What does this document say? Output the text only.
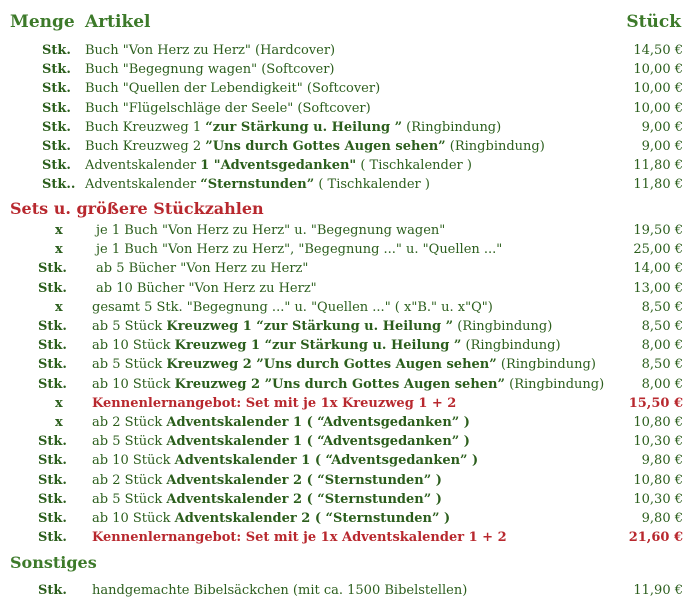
Menge Artikel	Stück
Stk. Buch "Von Herz zu Herz" (Hardcover)	14,50 €
Stk. Buch "Begegnung wagen" (Softcover)	10,00 €
Stk. Buch "Quellen der Lebendigkeit" (Softcover)	10,00 €
Stk. Buch "Flügelschläge der Seele" (Softcover)	10,00 €
Stk. Buch Kreuzweg 1 “zur Stärkung u. Heilung ” (Ringbindung)	9,00 €
Stk. Buch Kreuzweg 2 ”Uns durch Gottes Augen sehen” (Ringbindung)	9,00 €
Stk. Adventskalender 1 "Adventsgedanken" ( Tischkalender )	11,80 €
Stk.. Adventskalender “Sternstunden” ( Tischkalender )	11,80 €
Sets u. größere Stückzahlen
x	je 1 Buch "Von Herz zu Herz" u. "Begegnung wagen"	19,50 €
x	je 1 Buch "Von Herz zu Herz", "Begegnung ..." u. "Quellen ..."	25,00 €
Stk. ab 5 Bücher "Von Herz zu Herz"	14,00 €
Stk. ab 10 Bücher "Von Herz zu Herz"	13,00 €
x gesamt 5 Stk. "Begegnung ..." u. "Quellen ..." ( x"B." u. x"Q")	8,50 €
Stk. ab 5 Stück Kreuzweg 1 “zur Stärkung u. Heilung ” (Ringbindung)	8,50 €
Stk. ab 10 Stück Kreuzweg 1 “zur Stärkung u. Heilung ” (Ringbindung)	8,00 €
Stk. ab 5 Stück Kreuzweg 2 ”Uns durch Gottes Augen sehen” (Ringbindung)	8,50 €
Stk. ab 10 Stück Kreuzweg 2 ”Uns durch Gottes Augen sehen” (Ringbindung)	8,00 €
x Kennenlernangebot: Set mit je 1x Kreuzweg 1 + 2	15,50 €
x ab 2 Stück Adventskalender 1 ( “Adventsgedanken” )	10,80 €
Stk. ab 5 Stück Adventskalender 1 ( “Adventsgedanken” )	10,30 €
Stk. ab 10 Stück Adventskalender 1 ( “Adventsgedanken” )	9,80 €
Stk. ab 2 Stück Adventskalender 2 ( “Sternstunden” )	10,80 €
Stk. ab 5 Stück Adventskalender 2 ( “Sternstunden” )	10,30 €
Stk. ab 10 Stück Adventskalender 2 ( “Sternstunden” )	9,80 €
Stk. Kennenlernangebot: Set mit je 1x Adventskalender 1 + 2	21,60 €
Sonstiges
Stk. handgemachte Bibelsäckchen (mit ca. 1500 Bibelstellen)	11,90 €
